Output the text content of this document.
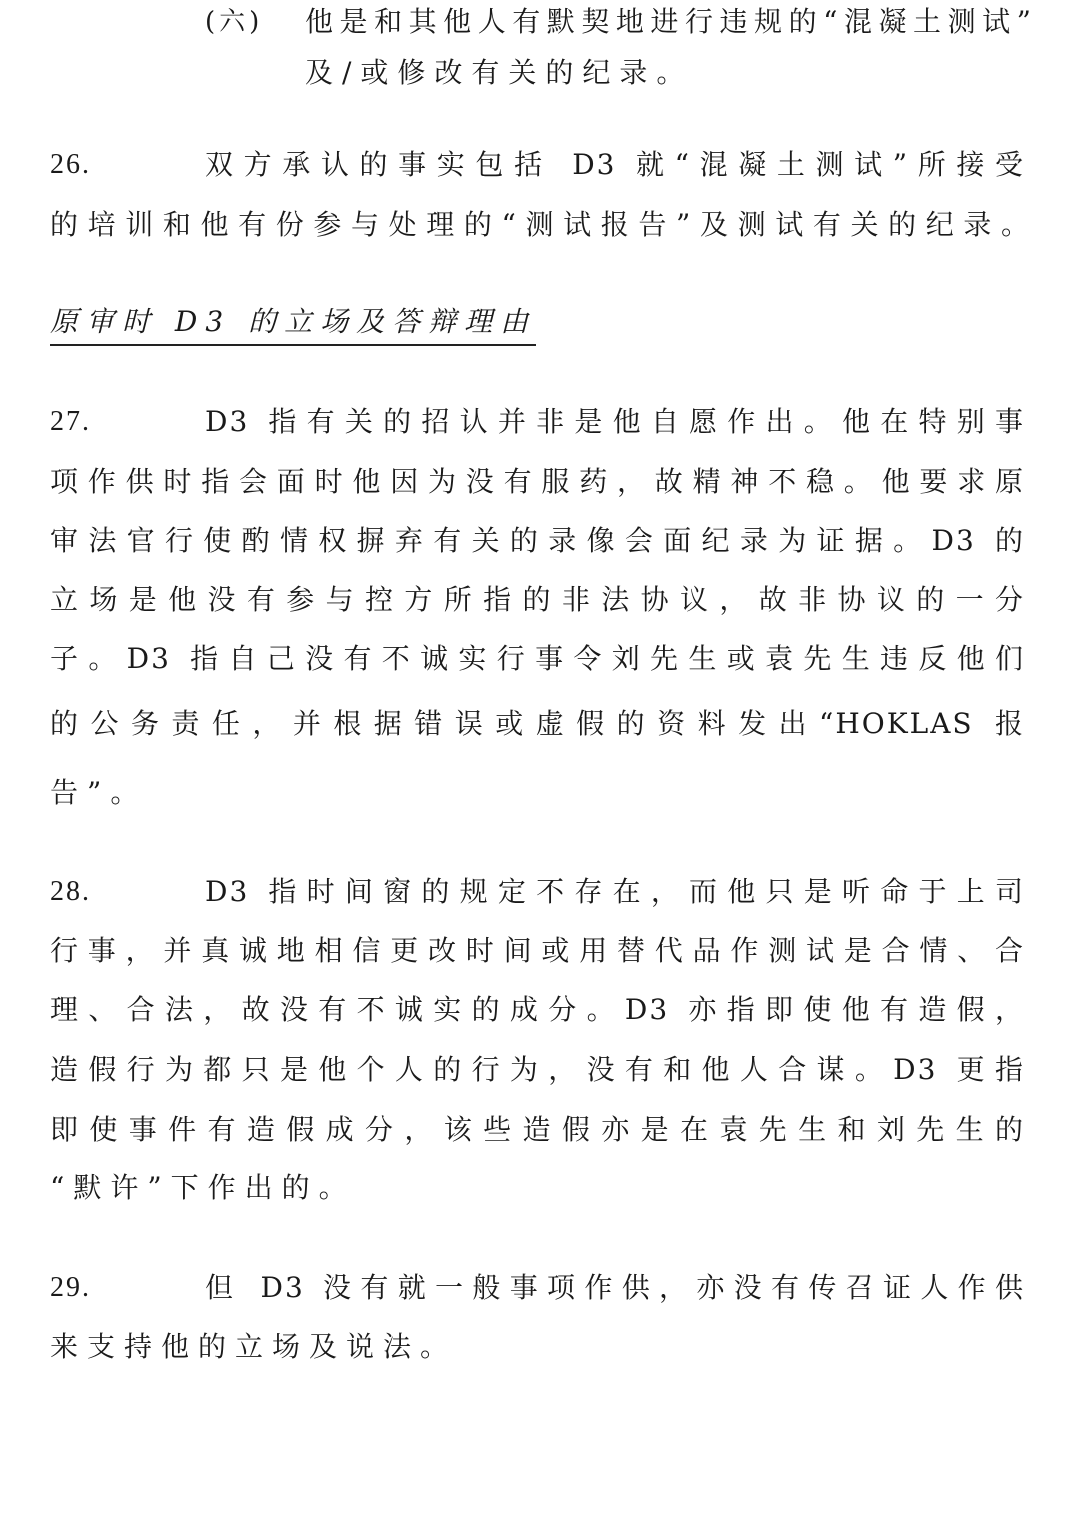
(六) 他是和其他人有默契地进行违规的“混凝土测试”
及/或修改有关的纪录。
26.	双方承认的事实包括 D3 就“混凝土测试”所接受
的培训和他有份参与处理的“测试报告”及测试有关的纪录。
原审时 D3 的立场及答辩理由
27.	D3 指有关的招认并非是他自愿作出。他在特别事
项作供时指会面时他因为没有服药，故精神不稳。他要求原
审法官行使酌情权摒弃有关的录像会面纪录为证据。D3 的
立场是他没有参与控方所指的非法协议，故非协议的一分
子。D3 指自己没有不诚实行事令刘先生或袁先生违反他们
的公务责任，并根据错误或虚假的资料发出“HOKLAS 报
告”。
28.	D3 指时间窗的规定不存在，而他只是听命于上司
行事，并真诚地相信更改时间或用替代品作测试是合情、合
理、合法，故没有不诚实的成分。D3 亦指即使他有造假，
造假行为都只是他个人的行为，没有和他人合谋。D3 更指
即使事件有造假成分，该些造假亦是在袁先生和刘先生的
“默许”下作出的。
29.	但 D3 没有就一般事项作供，亦没有传召证人作供
来支持他的立场及说法。
